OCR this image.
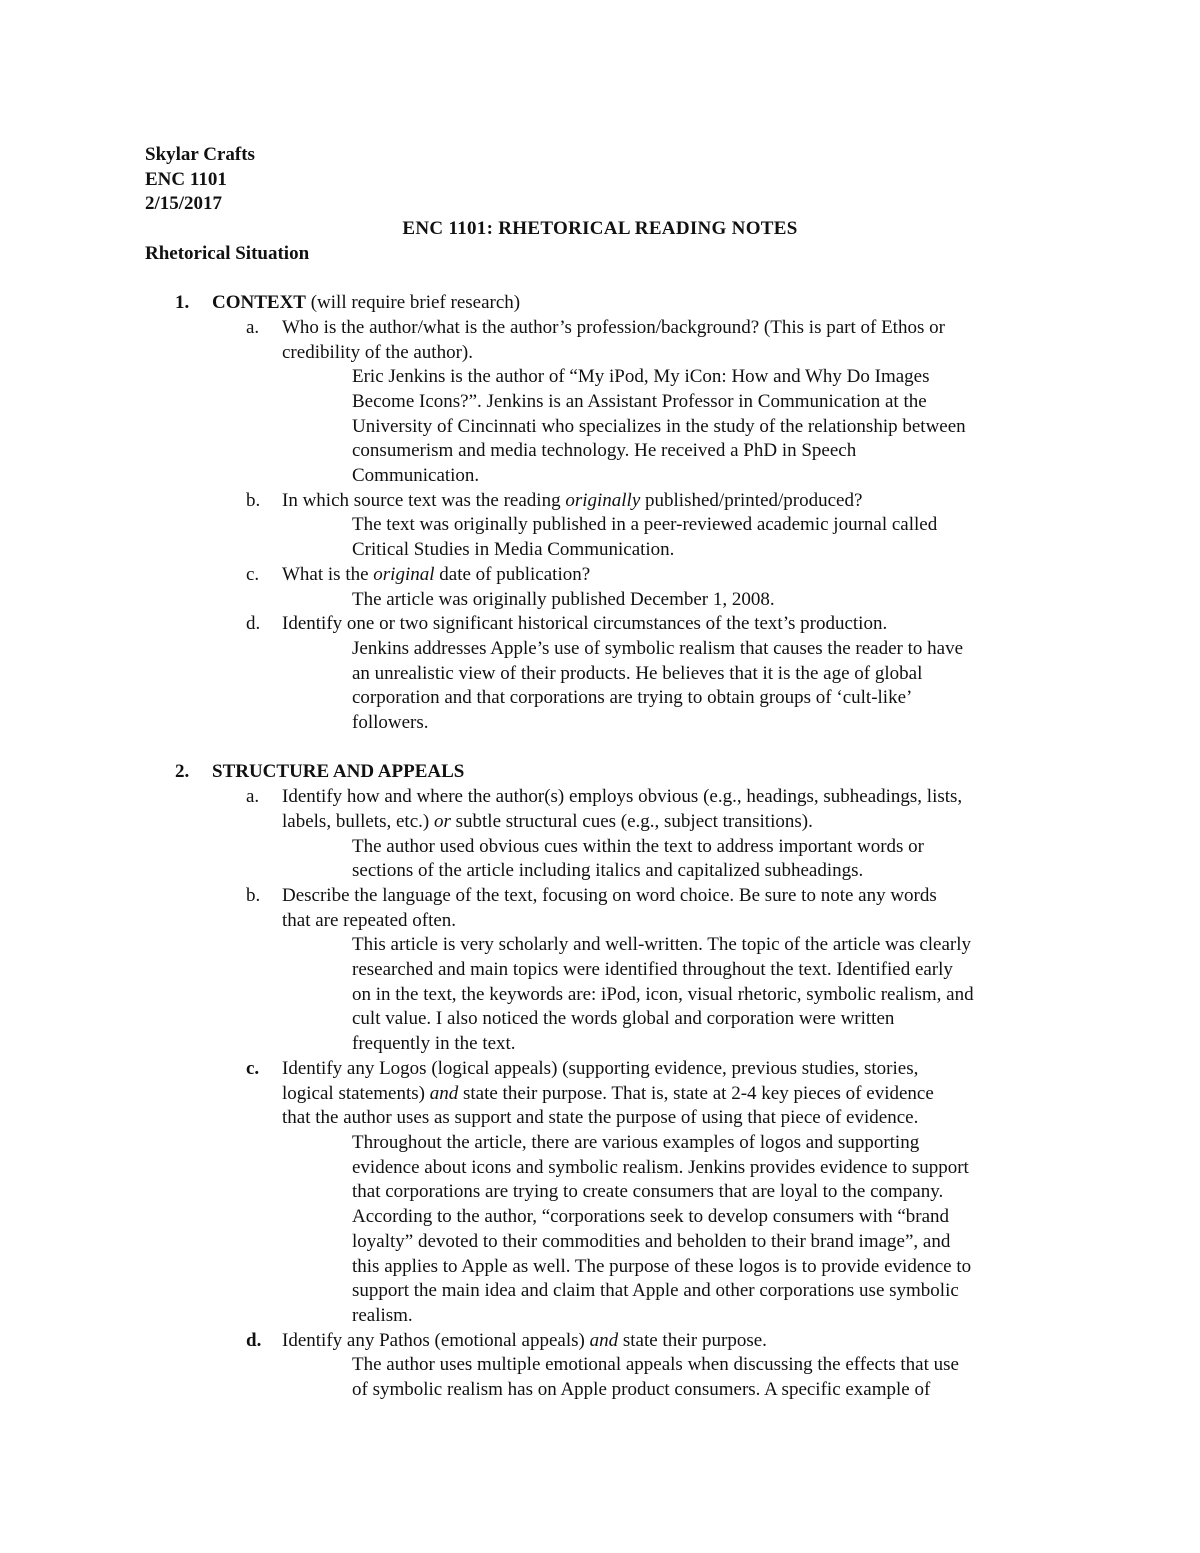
Skylar Crafts
ENC 1101
2/15/2017
ENC 1101: RHETORICAL READING NOTES
Rhetorical Situation
1. CONTEXT (will require brief research)
a. Who is the author/what is the author’s profession/background? (This is part of Ethos or
credibility of the author).
Eric Jenkins is the author of “My iPod, My iCon: How and Why Do Images
Become Icons?”. Jenkins is an Assistant Professor in Communication at the
University of Cincinnati who specializes in the study of the relationship between
consumerism and media technology. He received a PhD in Speech
Communication.
b. In which source text was the reading originally published/printed/produced?
The text was originally published in a peer-reviewed academic journal called
Critical Studies in Media Communication.
c. What is the original date of publication?
The article was originally published December 1, 2008.
d. Identify one or two significant historical circumstances of the text’s production.
Jenkins addresses Apple’s use of symbolic realism that causes the reader to have
an unrealistic view of their products. He believes that it is the age of global
corporation and that corporations are trying to obtain groups of ‘cult-like’
followers.
2. STRUCTURE AND APPEALS
a. Identify how and where the author(s) employs obvious (e.g., headings, subheadings, lists,
labels, bullets, etc.) or subtle structural cues (e.g., subject transitions).
The author used obvious cues within the text to address important words or
sections of the article including italics and capitalized subheadings.
b. Describe the language of the text, focusing on word choice. Be sure to note any words
that are repeated often.
This article is very scholarly and well-written. The topic of the article was clearly
researched and main topics were identified throughout the text. Identified early
on in the text, the keywords are: iPod, icon, visual rhetoric, symbolic realism, and
cult value. I also noticed the words global and corporation were written
frequently in the text.
c. Identify any Logos (logical appeals) (supporting evidence, previous studies, stories,
logical statements) and state their purpose. That is, state at 2-4 key pieces of evidence
that the author uses as support and state the purpose of using that piece of evidence.
Throughout the article, there are various examples of logos and supporting
evidence about icons and symbolic realism. Jenkins provides evidence to support
that corporations are trying to create consumers that are loyal to the company.
According to the author, “corporations seek to develop consumers with “brand
loyalty” devoted to their commodities and beholden to their brand image”, and
this applies to Apple as well. The purpose of these logos is to provide evidence to
support the main idea and claim that Apple and other corporations use symbolic
realism.
d. Identify any Pathos (emotional appeals) and state their purpose.
The author uses multiple emotional appeals when discussing the effects that use
of symbolic realism has on Apple product consumers. A specific example of
